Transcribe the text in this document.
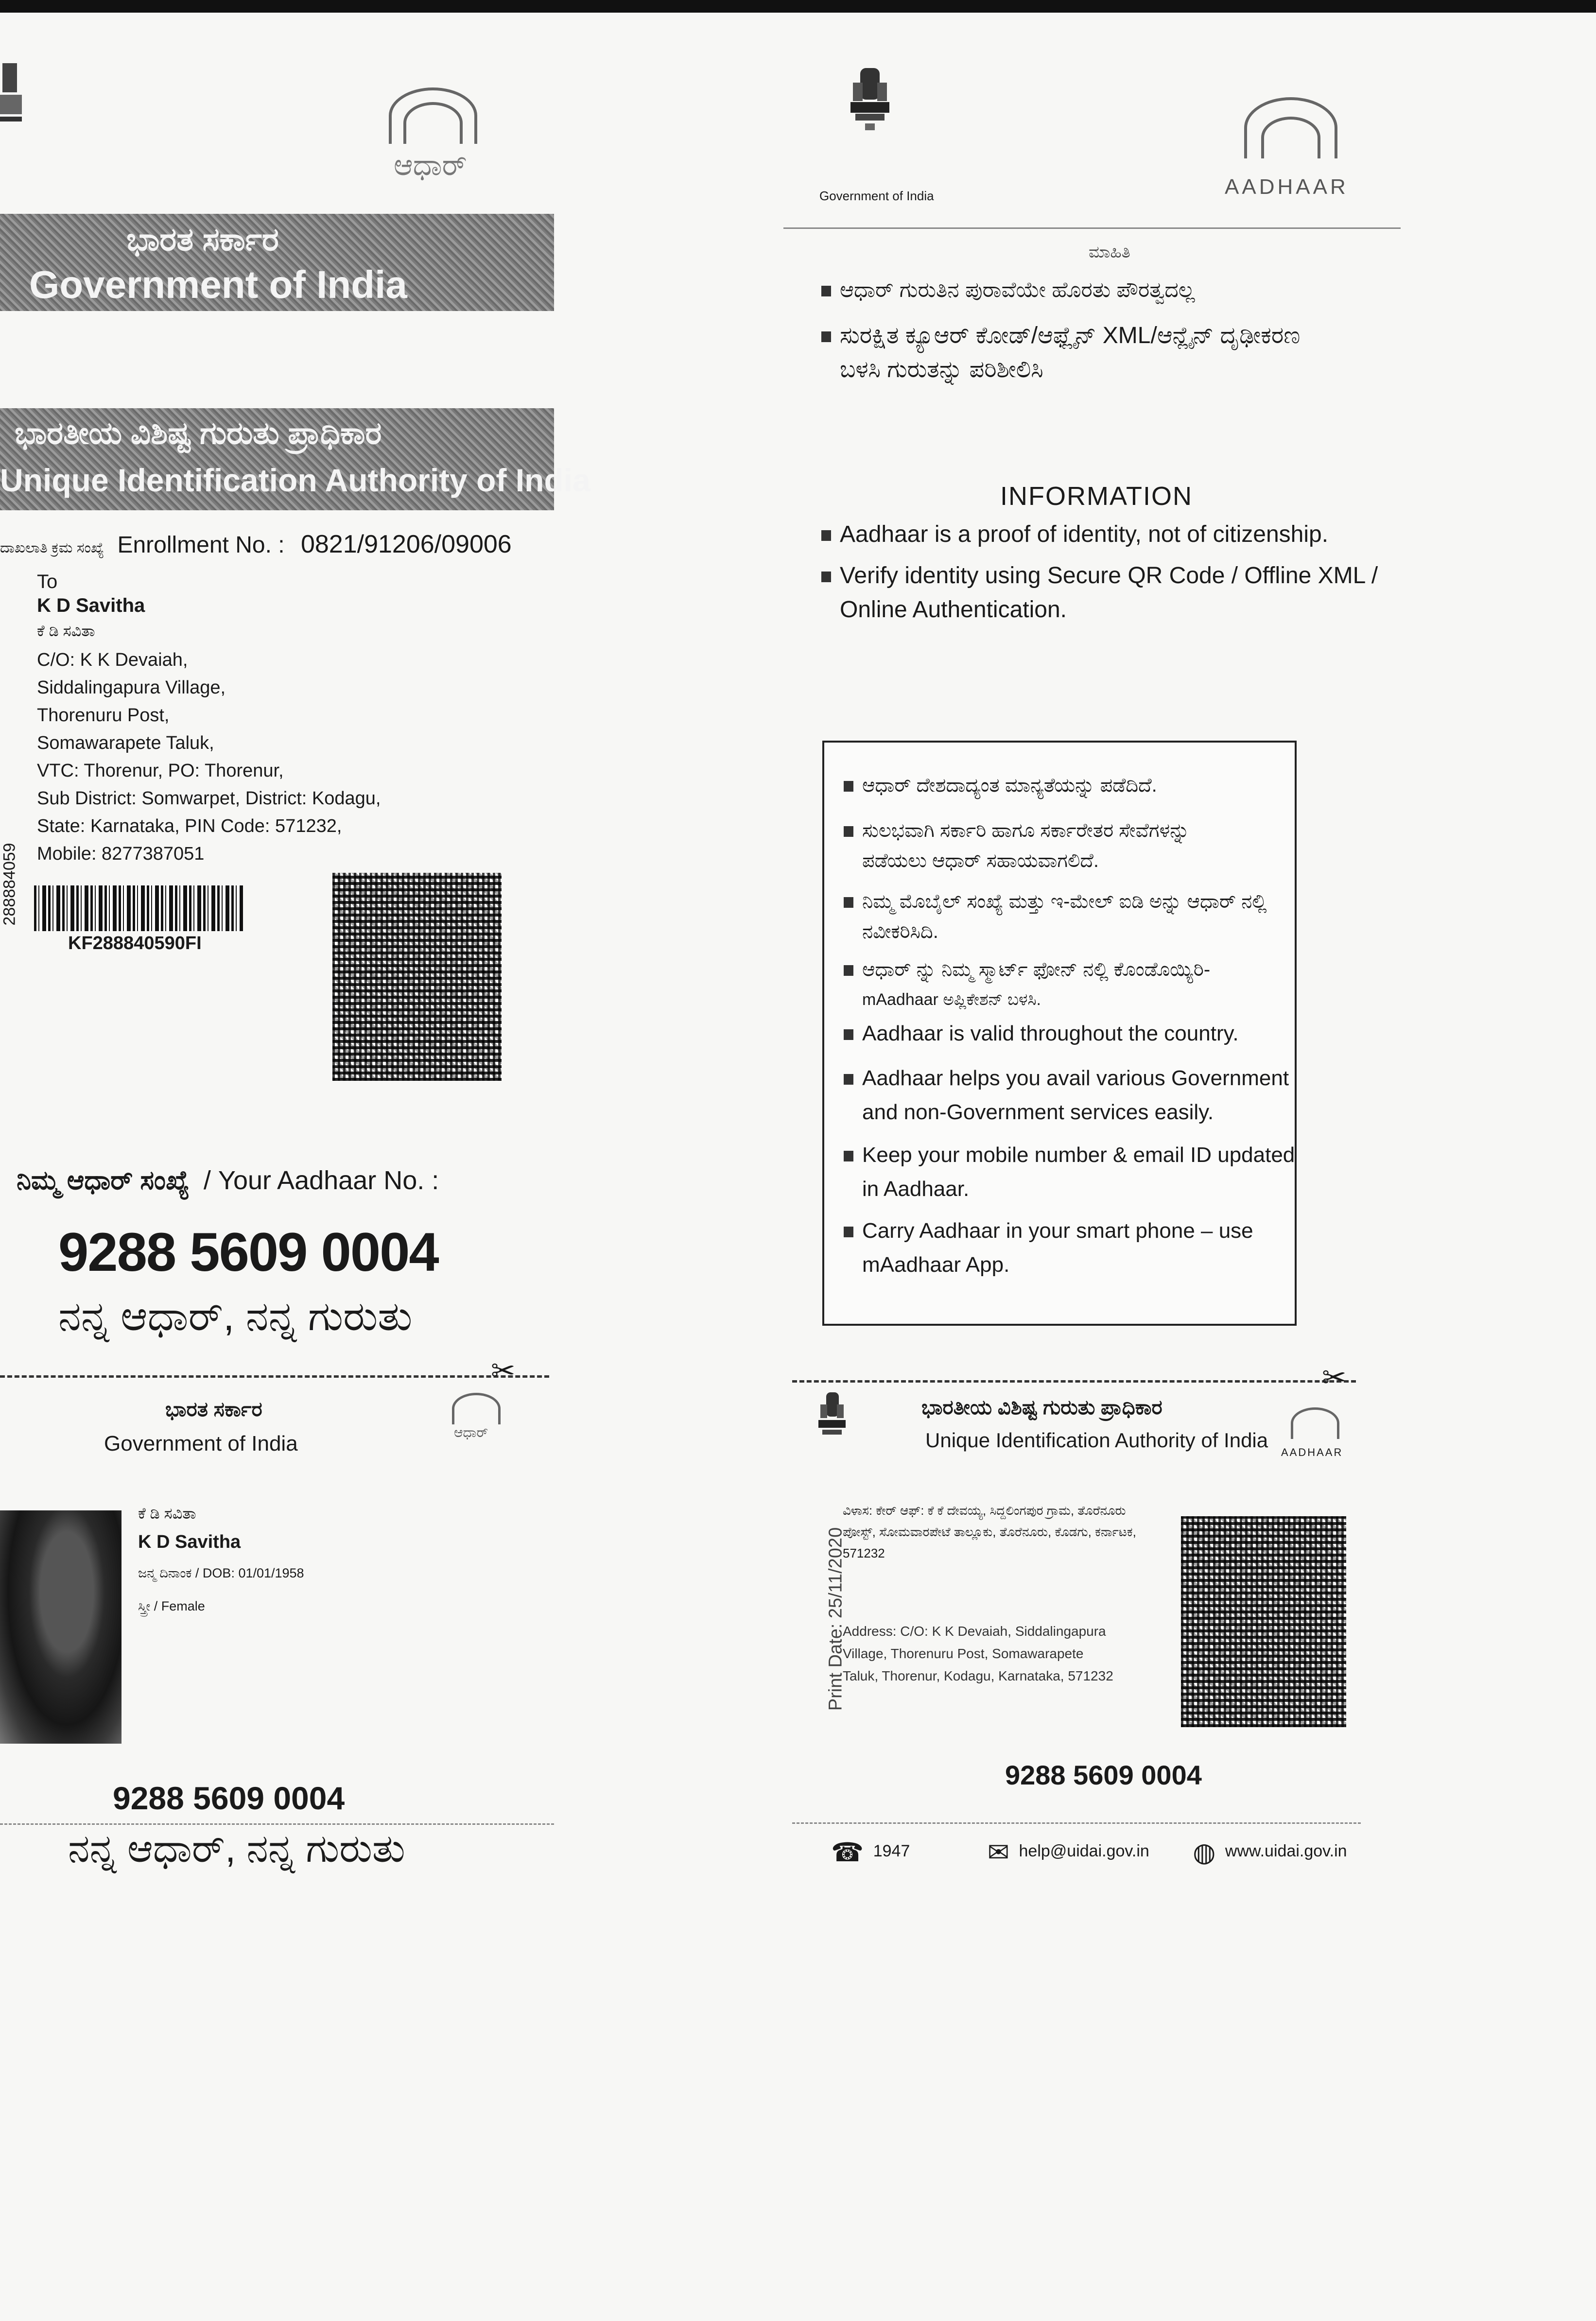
ಆಧಾರ್
ಭಾರತ ಸರ್ಕಾರ
Government of India
ಭಾರತೀಯ ವಿಶಿಷ್ಟ ಗುರುತು ಪ್ರಾಧಿಕಾರ
Unique Identification Authority of India
ದಾಖಲಾತಿ ಕ್ರಮ ಸಂಖ್ಯೆ Enrollment No. : 0821/91206/09006
To
K D Savitha
ಕೆ ಡಿ ಸವಿತಾ
C/O: K K Devaiah,
Siddalingapura Village,
Thorenuru Post,
Somawarapete Taluk,
VTC: Thorenur, PO: Thorenur,
Sub District: Somwarpet, District: Kodagu,
State: Karnataka, PIN Code: 571232,
Mobile: 8277387051
288884059
KF288840590FI
ನಿಮ್ಮ ಆಧಾರ್ ಸಂಖ್ಯೆ / Your Aadhaar No. :
9288 5609 0004
ನನ್ನ ಆಧಾರ್, ನನ್ನ ಗುರುತು
✂
Government of India	AADHAAR
ಮಾಹಿತಿ
ಆಧಾರ್ ಗುರುತಿನ ಪುರಾವೆಯೇ ಹೊರತು ಪೌರತ್ವದಲ್ಲ
ಸುರಕ್ಷಿತ ಕ್ಯೂಆರ್ ಕೋಡ್/ಆಫ್ಲೈನ್ XML/ಆನ್ಲೈನ್ ದೃಢೀಕರಣ
ಬಳಸಿ ಗುರುತನ್ನು ಪರಿಶೀಲಿಸಿ
INFORMATION
Aadhaar is a proof of identity, not of citizenship.
Verify identity using Secure QR Code / Offline XML /
Online Authentication.
ಆಧಾರ್ ದೇಶದಾದ್ಯಂತ ಮಾನ್ಯತೆಯನ್ನು ಪಡೆದಿದೆ.
ಸುಲಭವಾಗಿ ಸರ್ಕಾರಿ ಹಾಗೂ ಸರ್ಕಾರೇತರ ಸೇವೆಗಳನ್ನು
ಪಡೆಯಲು ಆಧಾರ್ ಸಹಾಯವಾಗಲಿದೆ.
ನಿಮ್ಮ ಮೊಬೈಲ್ ಸಂಖ್ಯೆ ಮತ್ತು ಇ-ಮೇಲ್ ಐಡಿ ಅನ್ನು ಆಧಾರ್ ನಲ್ಲಿ
ನವೀಕರಿಸಿದಿ.
ಆಧಾರ್ ನ್ನು ನಿಮ್ಮ ಸ್ಮಾರ್ಟ್ ಫೋನ್ ನಲ್ಲಿ ಕೊಂಡೊಯ್ಯಿರಿ-
mAadhaar ಅಪ್ಲಿಕೇಶನ್ ಬಳಸಿ.
Aadhaar is valid throughout the country.
Aadhaar helps you avail various Government
and non-Government services easily.
Keep your mobile number & email ID updated
in Aadhaar.
Carry Aadhaar in your smart phone – use
mAadhaar App.
✂
ಭಾರತ ಸರ್ಕಾರ
Government of India	ಆಧಾರ್
ಕೆ ಡಿ ಸವಿತಾ
K D Savitha
ಜನ್ಮ ದಿನಾಂಕ / DOB: 01/01/1958
ಸ್ತ್ರೀ / Female
9288 5609 0004
ನನ್ನ ಆಧಾರ್, ನನ್ನ ಗುರುತು
ಭಾರತೀಯ ವಿಶಿಷ್ಟ ಗುರುತು ಪ್ರಾಧಿಕಾರ
Unique Identification Authority of India
AADHAAR
Print Date: 25/11/2020
ವಿಳಾಸ: ಕೇರ್ ಆಫ್: ಕೆ ಕೆ ದೇವಯ್ಯ, ಸಿದ್ದಲಿಂಗಪುರ ಗ್ರಾಮ, ತೊರೆನೂರು
ಪೋಸ್ಟ್, ಸೋಮವಾರಪೇಟೆ ತಾಲ್ಲೂಕು, ತೊರೆನೂರು, ಕೊಡಗು, ಕರ್ನಾಟಕ,
571232
Address: C/O: K K Devaiah, Siddalingapura
Village, Thorenuru Post, Somawarapete
Taluk, Thorenur, Kodagu, Karnataka, 571232
9288 5609 0004
☎ 1947	✉ help@uidai.gov.in ◍ www.uidai.gov.in
